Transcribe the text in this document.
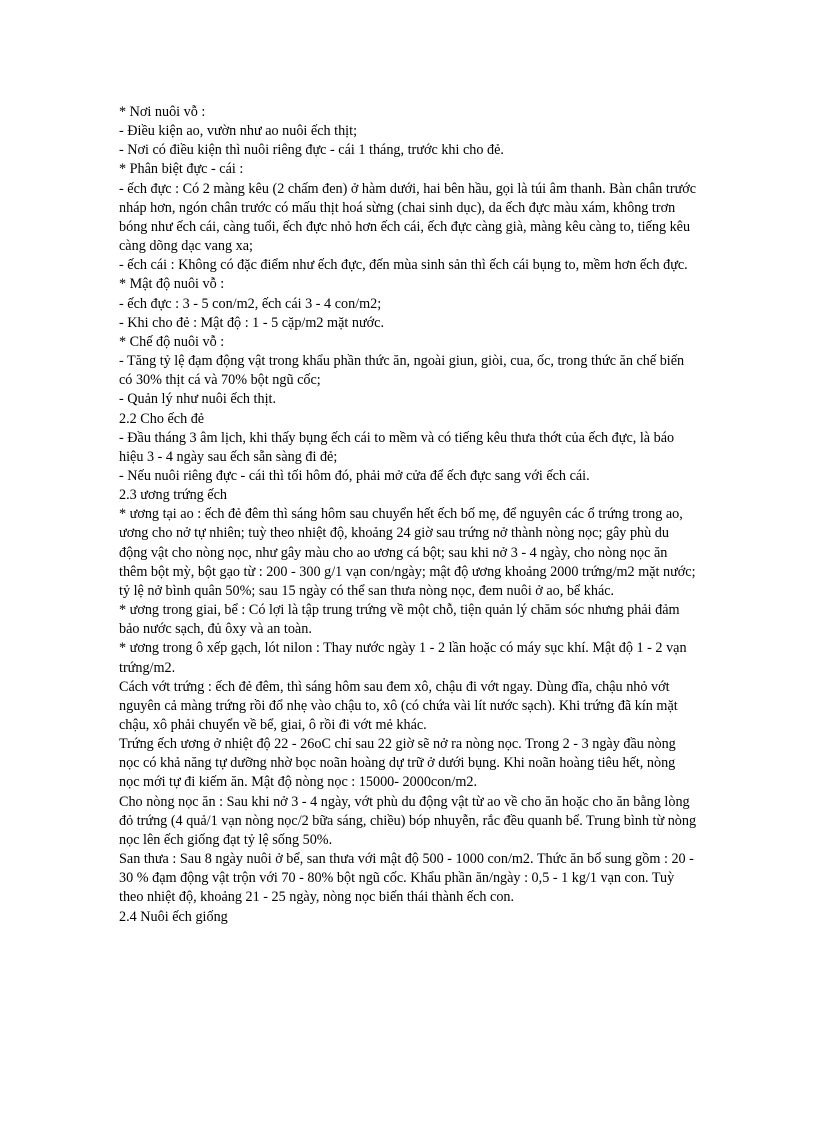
* Nơi nuôi vỗ :

- Điều kiện ao, vườn như ao nuôi ếch thịt;

- Nơi có điều kiện thì nuôi riêng đực - cái 1 tháng, trước khi cho đẻ.

* Phân biệt đực - cái :

- ếch đực : Có 2 màng kêu (2 chấm đen) ở hàm dưới, hai bên hầu, gọi là túi âm thanh. Bàn chân trước nháp hơn, ngón chân trước có mấu thịt hoá sừng (chai sinh dục), da ếch đực màu xám, không trơn bóng như ếch cái, càng tuổi, ếch đực nhỏ hơn ếch cái, ếch đực càng già, màng kêu càng to, tiếng kêu càng dõng dạc vang xa;

- ếch cái : Không có đặc điểm như ếch đực, đến mùa sinh sản thì ếch cái bụng to, mềm hơn ếch đực.

* Mật độ nuôi vỗ :

- ếch đực : 3 - 5 con/m2, ếch cái 3 - 4 con/m2;

- Khi cho đẻ : Mật độ : 1 - 5 cặp/m2 mặt nước.

* Chế độ nuôi vỗ :

- Tăng tỷ lệ đạm động vật trong khẩu phần thức ăn, ngoài giun, giòi, cua, ốc, trong thức ăn chế biến có 30% thịt cá và 70% bột ngũ cốc;

- Quản lý như nuôi ếch thịt.

2.2 Cho ếch đẻ

- Đầu tháng 3 âm lịch, khi thấy bụng ếch cái to mềm và có tiếng kêu thưa thớt của ếch đực, là báo hiệu 3 - 4 ngày sau ếch sẵn sàng đi đẻ;

- Nếu nuôi riêng đực - cái thì tối hôm đó, phải mở cửa để ếch đực sang với ếch cái.

2.3 ương trứng ếch

* ương tại ao : ếch đẻ đêm thì sáng hôm sau chuyển hết ếch bố mẹ, để nguyên các ổ trứng trong ao, ương cho nở tự nhiên; tuỳ theo nhiệt độ, khoảng 24 giờ sau trứng nở thành nòng nọc; gây phù du động vật cho nòng nọc, như gây màu cho ao ương cá bột; sau khi nở 3 - 4 ngày, cho nòng nọc ăn thêm bột mỳ, bột gạo từ : 200 - 300 g/1 vạn con/ngày; mật độ ương khoảng 2000 trứng/m2 mặt nước; tỷ lệ nở bình quân 50%; sau 15 ngày có thể san thưa nòng nọc, đem nuôi ở ao, bể khác.

* ương trong giai, bể : Có lợi là tập trung trứng về một chỗ, tiện quản lý chăm sóc nhưng phải đảm bảo nước sạch, đủ ôxy và an toàn.

* ương trong ô xếp gạch, lót nilon : Thay nước ngày 1 - 2 lần hoặc có máy sục khí. Mật độ 1 - 2 vạn trứng/m2.

Cách vớt trứng : ếch đẻ đêm, thì sáng hôm sau đem xô, chậu đi vớt ngay. Dùng đĩa, chậu nhỏ vớt nguyên cả màng trứng rồi đổ nhẹ vào chậu to, xô (có chứa vài lít nước sạch). Khi trứng đã kín mặt chậu, xô phải chuyển về bể, giai, ô rồi đi vớt mẻ khác.

Trứng ếch ương ở nhiệt độ 22 - 26oC chỉ sau 22 giờ sẽ nở ra nòng nọc. Trong 2 - 3 ngày đầu nòng nọc có khả năng tự dưỡng nhờ bọc noãn hoàng dự trữ ở dưới bụng. Khi noãn hoàng tiêu hết, nòng nọc mới tự đi kiếm ăn. Mật độ nòng nọc : 15000- 2000con/m2.

Cho nòng nọc ăn : Sau khi nở 3 - 4 ngày, vớt phù du động vật từ ao về cho ăn hoặc cho ăn bằng lòng đỏ trứng (4 quả/1 vạn nòng nọc/2 bữa sáng, chiều) bóp nhuyễn, rắc đều quanh bể. Trung bình từ nòng nọc lên ếch giống đạt tỷ lệ sống 50%.

San thưa : Sau 8 ngày nuôi ở bể, san thưa với mật độ 500 - 1000 con/m2. Thức ăn bổ sung gồm : 20 - 30 % đạm động vật trộn với 70 - 80% bột ngũ cốc. Khẩu phần ăn/ngày : 0,5 - 1 kg/1 vạn con. Tuỳ theo nhiệt độ, khoảng 21 - 25 ngày, nòng nọc biến thái thành ếch con.

2.4 Nuôi ếch giống
